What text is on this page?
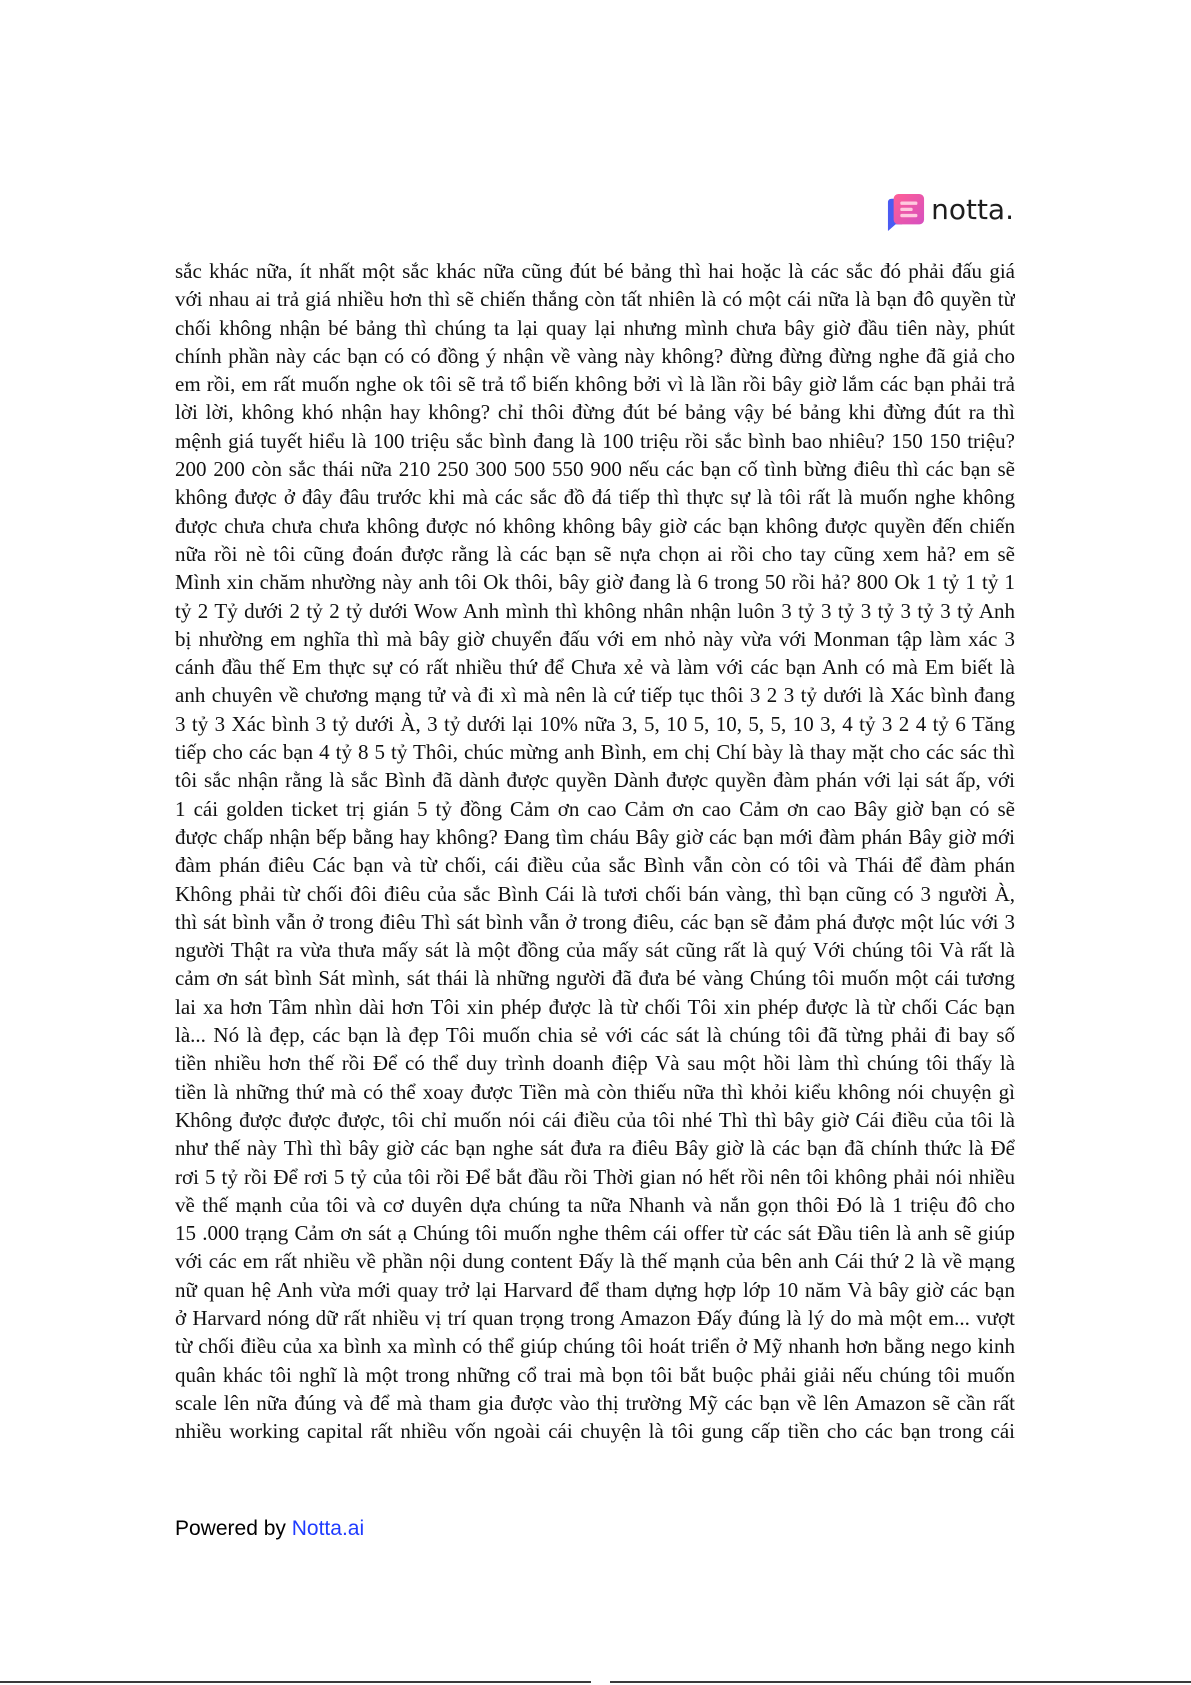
notta.
sắc khác nữa, ít nhất một sắc khác nữa cũng đút bé bảng thì hai hoặc là các sắc đó phải đấu giá
với nhau ai trả giá nhiều hơn thì sẽ chiến thắng còn tất nhiên là có một cái nữa là bạn đô quyền từ
chối không nhận bé bảng thì chúng ta lại quay lại nhưng mình chưa bây giờ đầu tiên này, phút
chính phần này các bạn có có đồng ý nhận về vàng này không? đừng đừng đừng nghe đã giả cho
em rồi, em rất muốn nghe ok tôi sẽ trả tổ biến không bởi vì là lần rồi bây giờ lắm các bạn phải trả
lời lời, không khó nhận hay không? chỉ thôi đừng đút bé bảng vậy bé bảng khi đừng đút ra thì
mệnh giá tuyết hiểu là 100 triệu sắc bình đang là 100 triệu rồi sắc bình bao nhiêu? 150 150 triệu?
200 200 còn sắc thái nữa 210 250 300 500 550 900 nếu các bạn cố tình bừng điêu thì các bạn sẽ
không được ở đây đâu trước khi mà các sắc đồ đá tiếp thì thực sự là tôi rất là muốn nghe không
được chưa chưa chưa không được nó không không bây giờ các bạn không được quyền đến chiến
nữa rồi nè tôi cũng đoán được rằng là các bạn sẽ nựa chọn ai rồi cho tay cũng xem hả? em sẽ
Mình xin chăm nhường này anh tôi Ok thôi, bây giờ đang là 6 trong 50 rồi hả? 800 Ok 1 tỷ 1 tỷ 1
tỷ 2 Tỷ dưới 2 tỷ 2 tỷ dưới Wow Anh mình thì không nhân nhận luôn 3 tỷ 3 tỷ 3 tỷ 3 tỷ 3 tỷ Anh
bị nhường em nghĩa thì mà bây giờ chuyển đấu với em nhỏ này vừa với Monman tập làm xác 3
cánh đầu thế Em thực sự có rất nhiều thứ để Chưa xẻ và làm với các bạn Anh có mà Em biết là
anh chuyên về chương mạng tử và đi xì mà nên là cứ tiếp tục thôi 3 2 3 tỷ dưới là Xác bình đang
3 tỷ 3 Xác bình 3 tỷ dưới À, 3 tỷ dưới lại 10% nữa 3, 5, 10 5, 10, 5, 5, 10 3, 4 tỷ 3 2 4 tỷ 6 Tăng
tiếp cho các bạn 4 tỷ 8 5 tỷ Thôi, chúc mừng anh Bình, em chị Chí bày là thay mặt cho các sác thì
tôi sắc nhận rằng là sắc Bình đã dành được quyền Dành được quyền đàm phán với lại sát ấp, với
1 cái golden ticket trị gián 5 tỷ đồng Cảm ơn cao Cảm ơn cao Cảm ơn cao Bây giờ bạn có sẽ
được chấp nhận bếp bằng hay không? Đang tìm cháu Bây giờ các bạn mới đàm phán Bây giờ mới
đàm phán điêu Các bạn và từ chối, cái điều của sắc Bình vẫn còn có tôi và Thái để đàm phán
Không phải từ chối đôi điêu của sắc Bình Cái là tươi chối bán vàng, thì bạn cũng có 3 người À,
thì sát bình vẫn ở trong điêu Thì sát bình vẫn ở trong điêu, các bạn sẽ đảm phá được một lúc với 3
người Thật ra vừa thưa mấy sát là một đồng của mấy sát cũng rất là quý Với chúng tôi Và rất là
cảm ơn sát bình Sát mình, sát thái là những người đã đưa bé vàng Chúng tôi muốn một cái tương
lai xa hơn Tâm nhìn dài hơn Tôi xin phép được là từ chối Tôi xin phép được là từ chối Các bạn
là... Nó là đẹp, các bạn là đẹp Tôi muốn chia sẻ với các sát là chúng tôi đã từng phải đi bay số
tiền nhiều hơn thế rồi Để có thể duy trình doanh điệp Và sau một hồi làm thì chúng tôi thấy là
tiền là những thứ mà có thể xoay được Tiền mà còn thiếu nữa thì khỏi kiểu không nói chuyện gì
Không được được được, tôi chỉ muốn nói cái điều của tôi nhé Thì thì bây giờ Cái điều của tôi là
như thế này Thì thì bây giờ các bạn nghe sát đưa ra điêu Bây giờ là các bạn đã chính thức là Để
rơi 5 tỷ rồi Để rơi 5 tỷ của tôi rồi Để bắt đầu rồi Thời gian nó hết rồi nên tôi không phải nói nhiều
về thế mạnh của tôi và cơ duyên dựa chúng ta nữa Nhanh và nắn gọn thôi Đó là 1 triệu đô cho
15 .000 trạng Cảm ơn sát ạ Chúng tôi muốn nghe thêm cái offer từ các sát Đầu tiên là anh sẽ giúp
với các em rất nhiều về phần nội dung content Đấy là thế mạnh của bên anh Cái thứ 2 là về mạng
nữ quan hệ Anh vừa mới quay trở lại Harvard để tham dựng hợp lớp 10 năm Và bây giờ các bạn
ở Harvard nóng dữ rất nhiều vị trí quan trọng trong Amazon Đấy đúng là lý do mà một em... vượt
từ chối điều của xa bình xa mình có thể giúp chúng tôi hoát triển ở Mỹ nhanh hơn bằng nego kinh
quân khác tôi nghĩ là một trong những cổ trai mà bọn tôi bắt buộc phải giải nếu chúng tôi muốn
scale lên nữa đúng và để mà tham gia được vào thị trường Mỹ các bạn về lên Amazon sẽ cần rất
nhiều working capital rất nhiều vốn ngoài cái chuyện là tôi gung cấp tiền cho các bạn trong cái
Powered by Notta.ai
